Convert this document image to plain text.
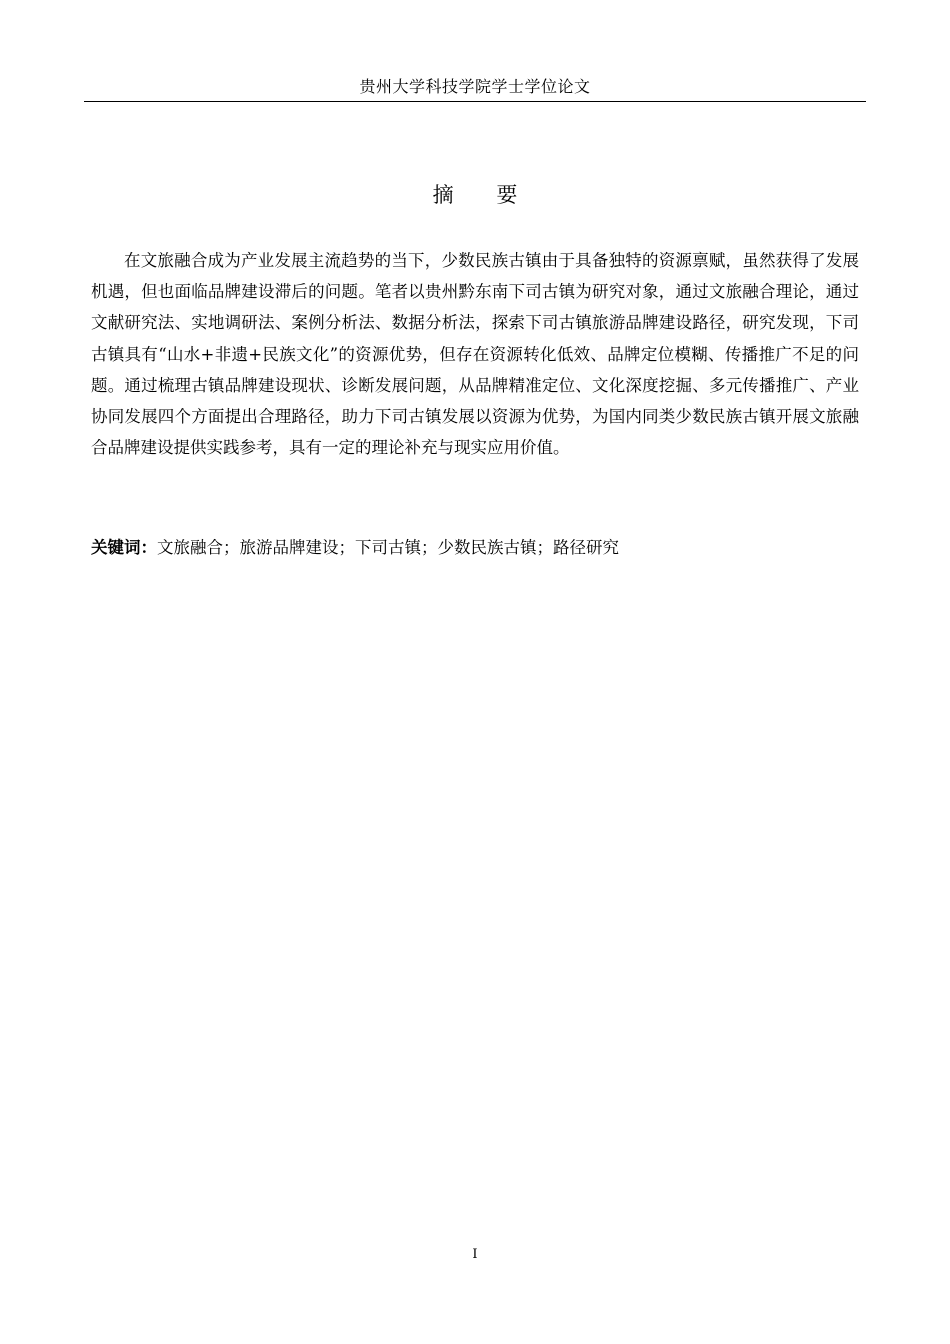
贵州大学科技学院学士学位论文
摘 要

在文旅融合成为产业发展主流趋势的当下，少数民族古镇由于具备独特的资源禀赋，虽然获得了发展机遇，但也面临品牌建设滞后的问题。笔者以贵州黔东南下司古镇为研究对象，通过文旅融合理论，通过文献研究法、实地调研法、案例分析法、数据分析法，探索下司古镇旅游品牌建设路径，研究发现，下司古镇具有“山水+非遗+民族文化”的资源优势，但存在资源转化低效、品牌定位模糊、传播推广不足的问题。通过梳理古镇品牌建设现状、诊断发展问题，从品牌精准定位、文化深度挖掘、多元传播推广、产业协同发展四个方面提出合理路径，助力下司古镇发展以资源为优势，为国内同类少数民族古镇开展文旅融合品牌建设提供实践参考，具有一定的理论补充与现实应用价值。

关键词：文旅融合；旅游品牌建设；下司古镇；少数民族古镇；路径研究

I
